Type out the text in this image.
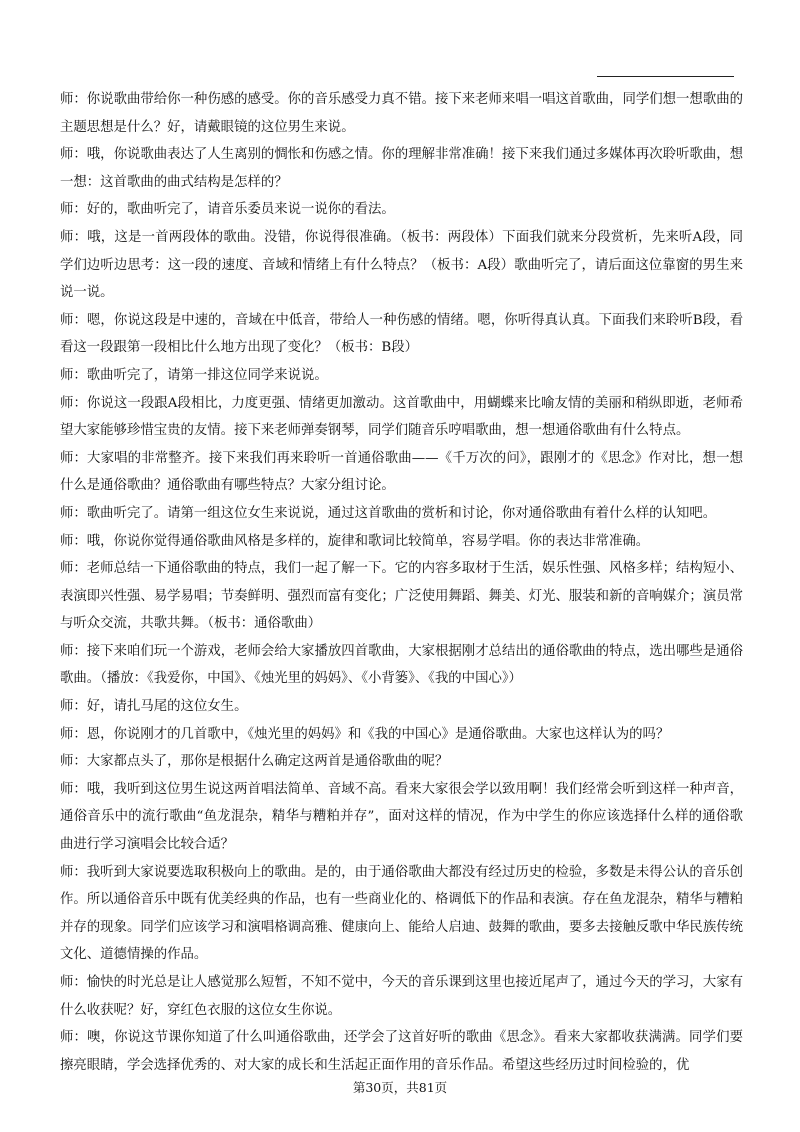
师：你说歌曲带给你一种伤感的感受。你的音乐感受力真不错。接下来老师来唱一唱这首歌曲，同学们想一想歌曲的主题思想是什么？好，请戴眼镜的这位男生来说。

师：哦，你说歌曲表达了人生离别的惆怅和伤感之情。你的理解非常准确！接下来我们通过多媒体再次聆听歌曲，想一想：这首歌曲的曲式结构是怎样的？

师：好的，歌曲听完了，请音乐委员来说一说你的看法。

师：哦，这是一首两段体的歌曲。没错，你说得很准确。（板书：两段体）下面我们就来分段赏析，先来听A段，同学们边听边思考：这一段的速度、音域和情绪上有什么特点？（板书：A段）歌曲听完了，请后面这位靠窗的男生来说一说。

师：嗯，你说这段是中速的，音域在中低音，带给人一种伤感的情绪。嗯，你听得真认真。下面我们来聆听B段，看看这一段跟第一段相比什么地方出现了变化？（板书：B段）

师：歌曲听完了，请第一排这位同学来说说。

师：你说这一段跟A段相比，力度更强、情绪更加激动。这首歌曲中，用蝴蝶来比喻友情的美丽和稍纵即逝，老师希望大家能够珍惜宝贵的友情。接下来老师弹奏钢琴，同学们随音乐哼唱歌曲，想一想通俗歌曲有什么特点。

师：大家唱的非常整齐。接下来我们再来聆听一首通俗歌曲——《千万次的问》，跟刚才的《思念》作对比，想一想什么是通俗歌曲？通俗歌曲有哪些特点？大家分组讨论。

师：歌曲听完了。请第一组这位女生来说说，通过这首歌曲的赏析和讨论，你对通俗歌曲有着什么样的认知吧。

师：哦，你说你觉得通俗歌曲风格是多样的，旋律和歌词比较简单，容易学唱。你的表达非常准确。

师：老师总结一下通俗歌曲的特点，我们一起了解一下。它的内容多取材于生活，娱乐性强、风格多样；结构短小、表演即兴性强、易学易唱；节奏鲜明、强烈而富有变化；广泛使用舞蹈、舞美、灯光、服装和新的音响媒介；演员常与听众交流，共歌共舞。（板书：通俗歌曲）

师：接下来咱们玩一个游戏，老师会给大家播放四首歌曲，大家根据刚才总结出的通俗歌曲的特点，选出哪些是通俗歌曲。（播放：《我爱你，中国》、《烛光里的妈妈》、《小背篓》、《我的中国心》）

师：好，请扎马尾的这位女生。

师：恩，你说刚才的几首歌中，《烛光里的妈妈》和《我的中国心》是通俗歌曲。大家也这样认为的吗？

师：大家都点头了，那你是根据什么确定这两首是通俗歌曲的呢？

师：哦，我听到这位男生说这两首唱法简单、音域不高。看来大家很会学以致用啊！我们经常会听到这样一种声音，通俗音乐中的流行歌曲“鱼龙混杂，精华与糟粕并存”，面对这样的情况，作为中学生的你应该选择什么样的通俗歌曲进行学习演唱会比较合适？

师：我听到大家说要选取积极向上的歌曲。是的，由于通俗歌曲大都没有经过历史的检验，多数是未得公认的音乐创作。所以通俗音乐中既有优美经典的作品，也有一些商业化的、格调低下的作品和表演。存在鱼龙混杂，精华与糟粕并存的现象。同学们应该学习和演唱格调高雅、健康向上、能给人启迪、鼓舞的歌曲，要多去接触反歌中华民族传统文化、道德情操的作品。

师：愉快的时光总是让人感觉那么短暂，不知不觉中，今天的音乐课到这里也接近尾声了，通过今天的学习，大家有什么收获呢？好，穿红色衣服的这位女生你说。

师：噢，你说这节课你知道了什么叫通俗歌曲，还学会了这首好听的歌曲《思念》。看来大家都收获满满。同学们要擦亮眼睛，学会选择优秀的、对大家的成长和生活起正面作用的音乐作品。希望这些经历过时间检验的，优

第30页，共81页
